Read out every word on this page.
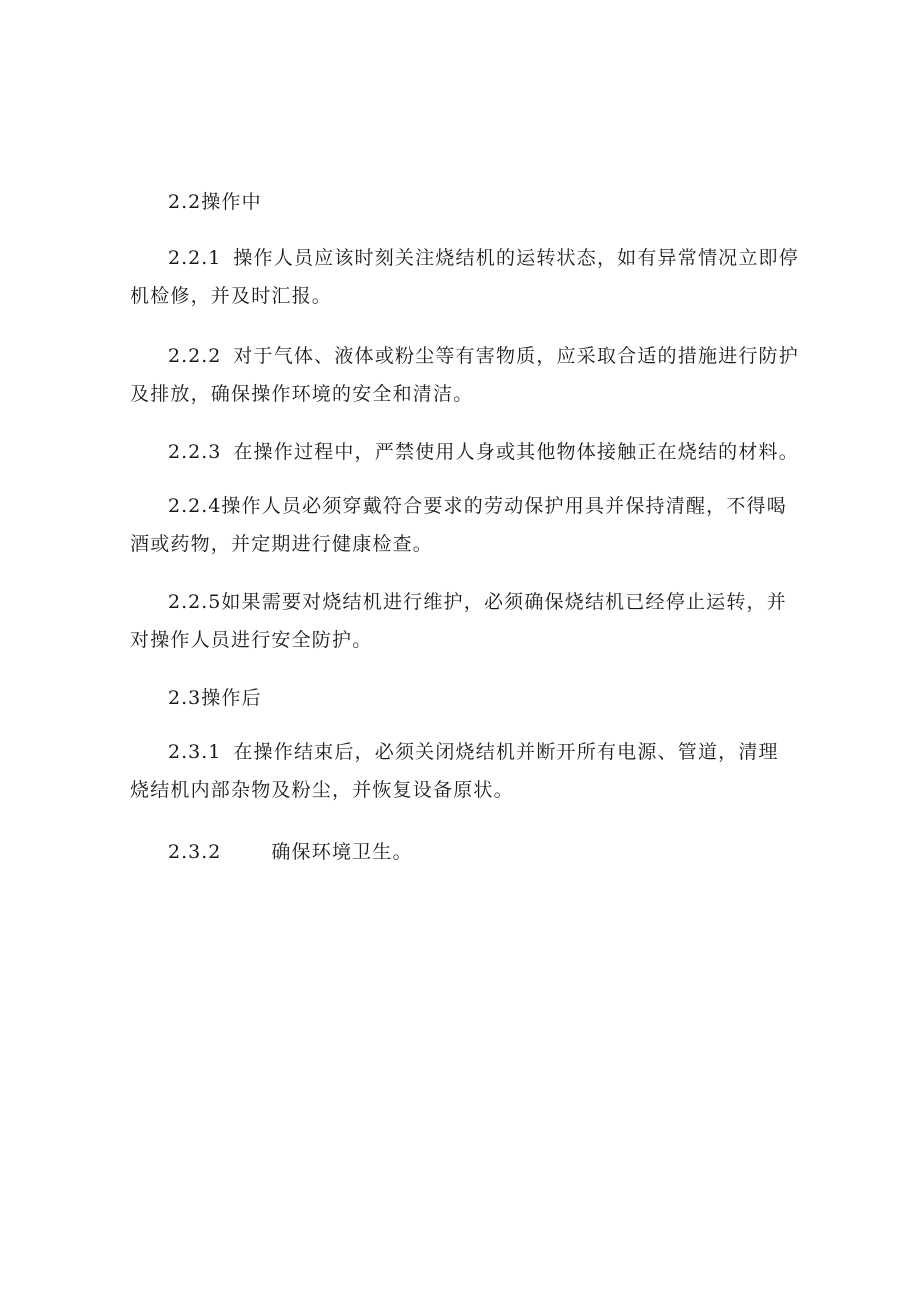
2.2操作中
2.2.1 操作人员应该时刻关注烧结机的运转状态，如有异常情况立即停
机检修，并及时汇报。
2.2.2 对于气体、液体或粉尘等有害物质，应采取合适的措施进行防护
及排放，确保操作环境的安全和清洁。
2.2.3 在操作过程中，严禁使用人身或其他物体接触正在烧结的材料。
2.2.4操作人员必须穿戴符合要求的劳动保护用具并保持清醒，不得喝
酒或药物，并定期进行健康检查。
2.2.5如果需要对烧结机进行维护，必须确保烧结机已经停止运转，并
对操作人员进行安全防护。
2.3操作后
2.3.1 在操作结束后，必须关闭烧结机并断开所有电源、管道，清理
烧结机内部杂物及粉尘，并恢复设备原状。
2.3.2	确保环境卫生。
